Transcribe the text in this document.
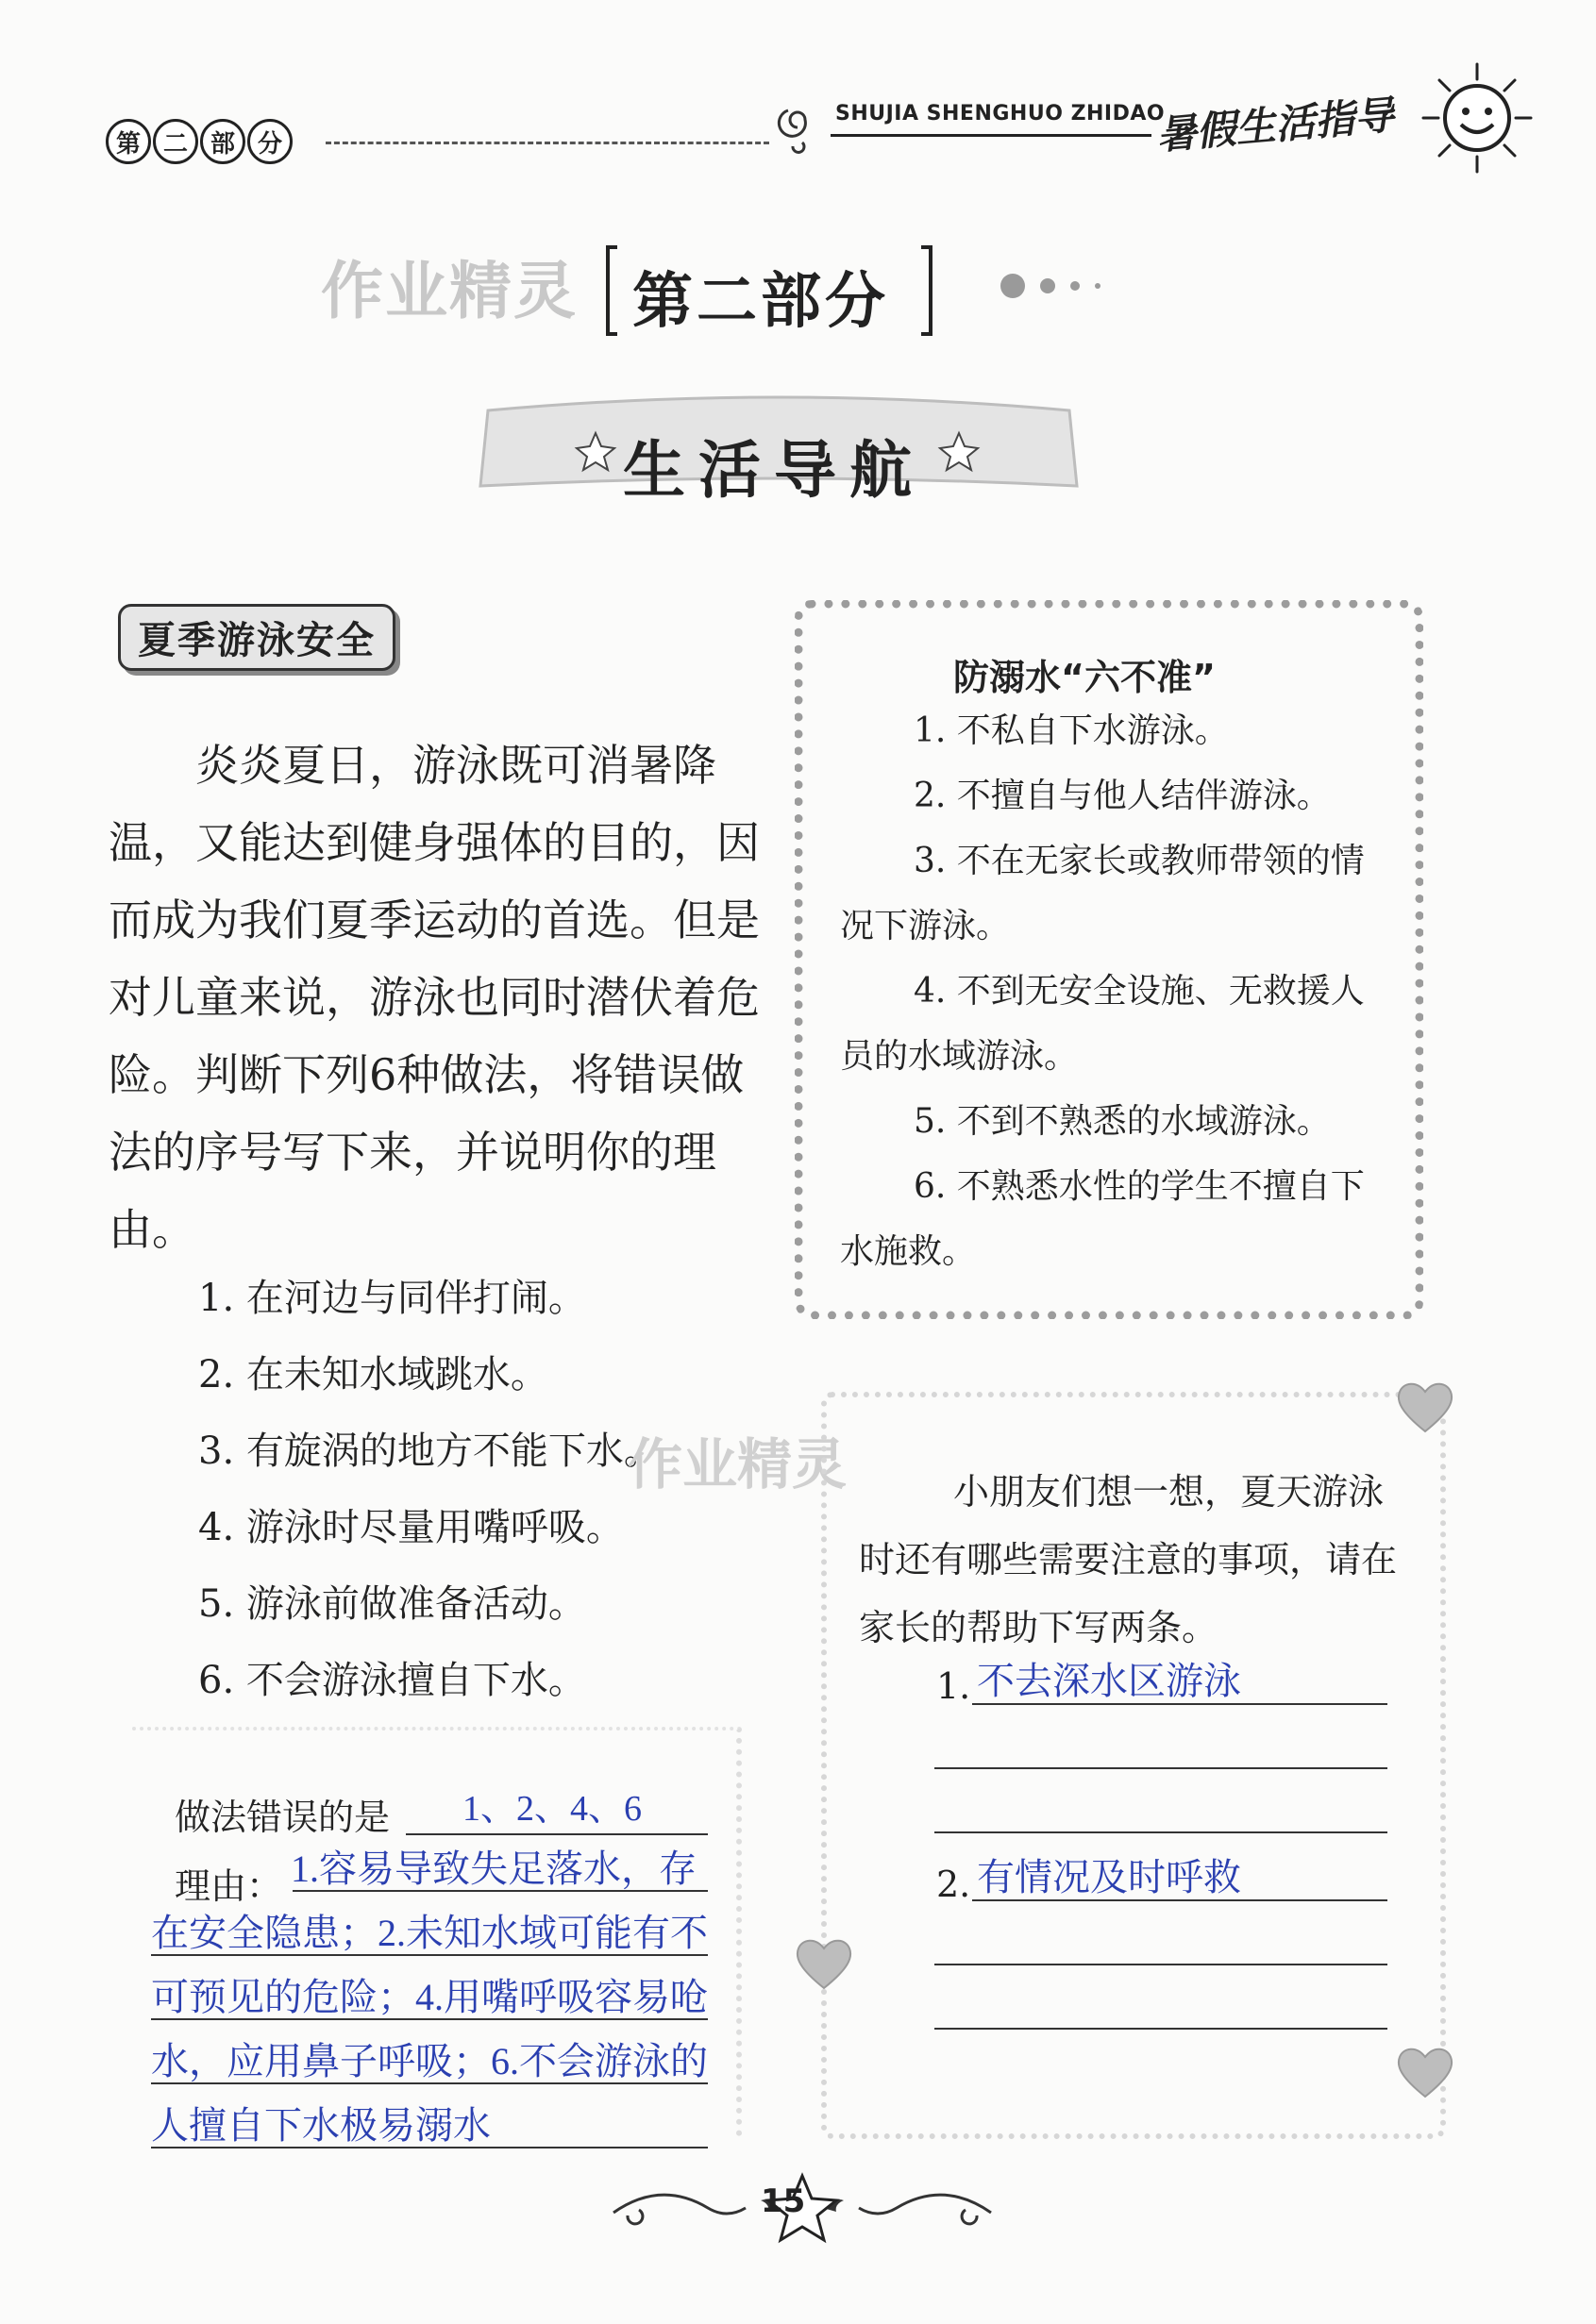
第 二 部 分
SHUJIA SHENGHUO ZHIDAO
暑假生活指导
作业精灵 第二部分
生活导航
夏季游泳安全
炎炎夏日，游泳既可消暑降温，又能达到健身强体的目的，因而成为我们夏季运动的首选。但是对儿童来说，游泳也同时潜伏着危险。判断下列6种做法，将错误做法的序号写下来，并说明你的理由。
1. 在河边与同伴打闹。
2. 在未知水域跳水。
3. 有旋涡的地方不能下水。
4. 游泳时尽量用嘴呼吸。
5. 游泳前做准备活动。
6. 不会游泳擅自下水。
作业精灵
做法错误的是 1、2、4、6
理由： 1.容易导致失足落水，存在安全隐患；2.未知水域可能有不可预见的危险；4.用嘴呼吸容易呛水，应用鼻子呼吸；6.不会游泳的人擅自下水极易溺水
防溺水“六不准”

1. 不私自下水游泳。

2. 不擅自与他人结伴游泳。

3. 不在无家长或教师带领的情况下游泳。

4. 不到无安全设施、无救援人员的水域游泳。

5. 不到不熟悉的水域游泳。

6. 不熟悉水性的学生不擅自下水施救。

小朋友们想一想，夏天游泳时还有哪些需要注意的事项，请在家长的帮助下写两条。
1. 不去深水区游泳
2. 有情况及时呼救
15
